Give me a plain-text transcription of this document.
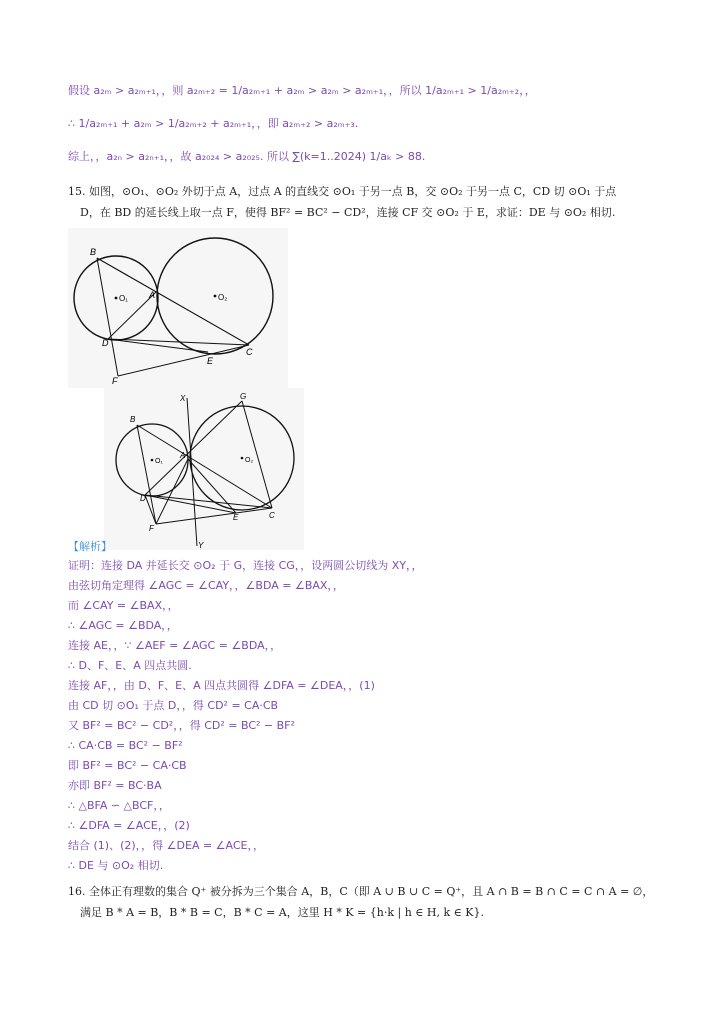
假设 a₂ₘ > a₂ₘ₊₁，，则 a₂ₘ₊₂ = 1/a₂ₘ₊₁ + a₂ₘ > a₂ₘ > a₂ₘ₊₁，，所以 1/a₂ₘ₊₁ > 1/a₂ₘ₊₂，，
∴ 1/a₂ₘ₊₁ + a₂ₘ > 1/a₂ₘ₊₂ + a₂ₘ₊₁，，即 a₂ₘ₊₂ > a₂ₘ₊₃.
综上，，a₂ₙ > a₂ₙ₊₁，，故 a₂₀₂₄ > a₂₀₂₅. 所以 ∑(k=1..2024) 1/aₖ > 88.
15. 如图，⊙O₁、⊙O₂ 外切于点 A，过点 A 的直线交 ⊙O₁ 于另一点 B，交 ⊙O₂ 于另一点 C，CD 切 ⊙O₁ 于点
D，在 BD 的延长线上取一点 F，使得 BF² = BC² − CD²，连接 CF 交 ⊙O₂ 于 E，求证：DE 与 ⊙O₂ 相切.
B
A
O₁	O₂
D
C
E
F
X	G
B
A
O₁	O₂
D
C
E
F
Y
【解析】
证明：连接 DA 并延长交 ⊙O₂ 于 G，连接 CG，，设两圆公切线为 XY，，
由弦切角定理得 ∠AGC = ∠CAY，，∠BDA = ∠BAX，，
而 ∠CAY = ∠BAX，，
∴ ∠AGC = ∠BDA，，
连接 AE，，∵ ∠AEF = ∠AGC = ∠BDA，，
∴ D、F、E、A 四点共圆.
连接 AF，，由 D、F、E、A 四点共圆得 ∠DFA = ∠DEA，，(1)
由 CD 切 ⊙O₁ 于点 D，，得 CD² = CA·CB
又 BF² = BC² − CD²，，得 CD² = BC² − BF²
∴ CA·CB = BC² − BF²
即 BF² = BC² − CA·CB
亦即 BF² = BC·BA
∴ △BFA ∽ △BCF，，
∴ ∠DFA = ∠ACE，，(2)
结合 (1)、(2)，，得 ∠DEA = ∠ACE，，
∴ DE 与 ⊙O₂ 相切.
16. 全体正有理数的集合 Q⁺ 被分拆为三个集合 A，B，C（即 A ∪ B ∪ C = Q⁺，且 A ∩ B = B ∩ C = C ∩ A = ∅，
满足 B * A = B，B * B = C，B * C = A，这里 H * K = {h·k | h ∈ H, k ∈ K}.
